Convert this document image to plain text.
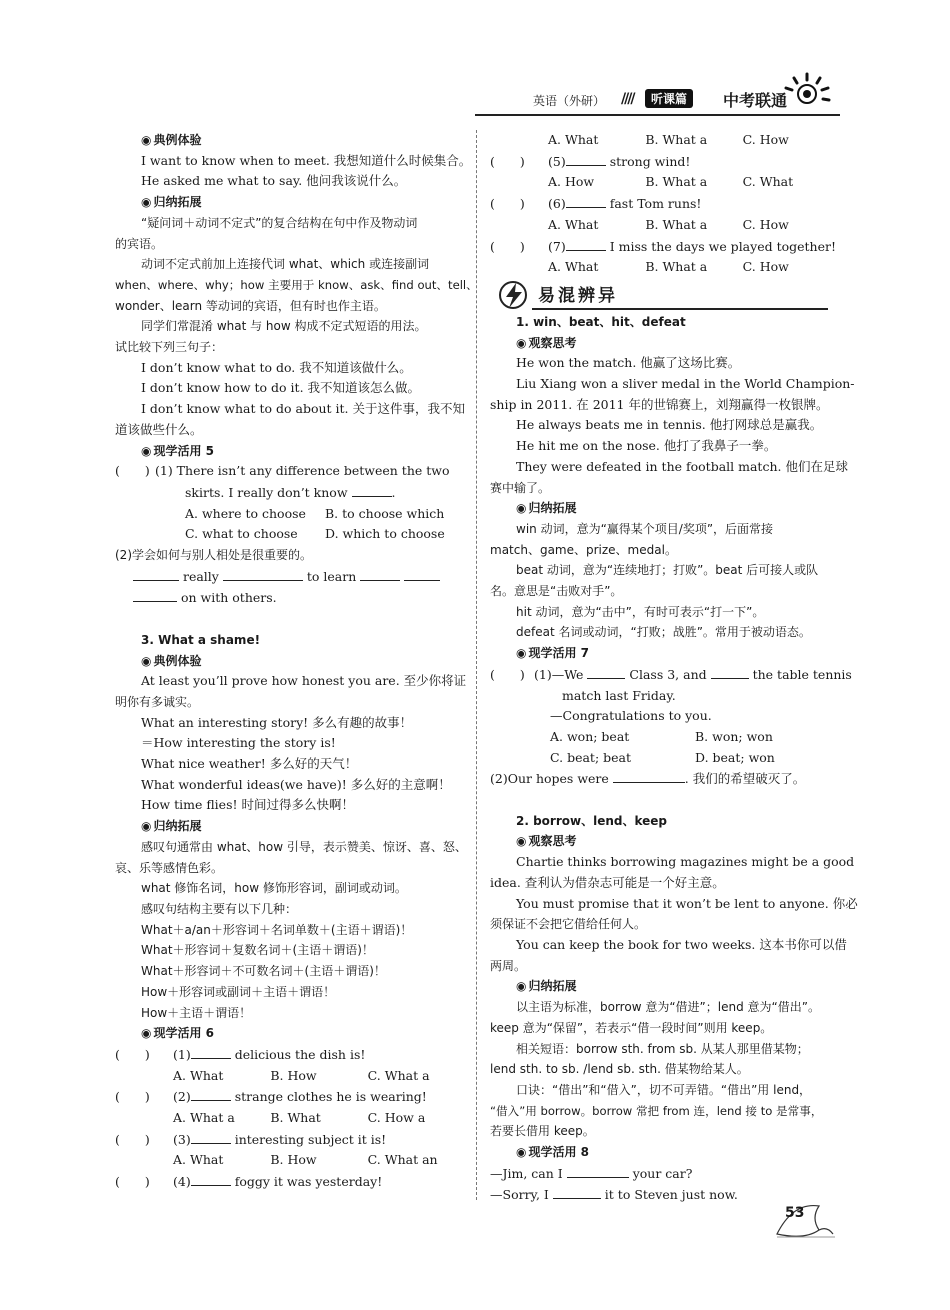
英语（外研） ////	听课篇	中考联通
◉ 典例体验
I want to know when to meet. 我想知道什么时候集合。
He asked me what to say. 他问我该说什么。
◉ 归纳拓展
“疑问词＋动词不定式”的复合结构在句中作及物动词
的宾语。
动词不定式前加上连接代词 what、which 或连接副词
when、where、why；how 主要用于 know、ask、find out、tell、
wonder、learn 等动词的宾语，但有时也作主语。
同学们常混淆 what 与 how 构成不定式短语的用法。
试比较下列三句子：
I don’t know what to do. 我不知道该做什么。
I don’t know how to do it. 我不知道该怎么做。
I don’t know what to do about it. 关于这件事，我不知
道该做些什么。
◉ 现学活用 5
(　　) (1) There isn’t any difference between the two
skirts. I really don’t know	.
A. where to choose	B. to choose which
C. what to choose	D. which to choose
(2)学会如何与别人相处是很重要的。
really	to learn
on with others.
3. What a shame!
◉ 典例体验
At least you’ll prove how honest you are. 至少你将证
明你有多诚实。
What an interesting story! 多么有趣的故事！
＝How interesting the story is!
What nice weather! 多么好的天气！
What wonderful ideas(we have)! 多么好的主意啊！
How time flies! 时间过得多么快啊！
◉ 归纳拓展
感叹句通常由 what、how 引导，表示赞美、惊讶、喜、怒、
哀、乐等感情色彩。
what 修饰名词，how 修饰形容词，副词或动词。
感叹句结构主要有以下几种：
What＋a/an＋形容词＋名词单数＋(主语＋谓语)！
What＋形容词＋复数名词＋(主语＋谓语)！
What＋形容词＋不可数名词＋(主语＋谓语)！
How＋形容词或副词＋主语＋谓语！
How＋主语＋谓语！
◉ 现学活用 6
(　　) (1)	delicious the dish is!
A. What	B. How	C. What a
(　　) (2)	strange clothes he is wearing!
A. What a	B. What	C. How a
(　　) (3)	interesting subject it is!
A. What	B. How	C. What an
(　　) (4)	foggy it was yesterday!
A. What	B. What a	C. How
(　　) (5)	strong wind!
A. How	B. What a	C. What
(　　) (6)	fast Tom runs!
A. What	B. What a	C. How
(　　) (7)	I miss the days we played together!
A. What	B. What a	C. How
易混辨异
1. win、beat、hit、defeat
◉ 观察思考
He won the match. 他赢了这场比赛。
Liu Xiang won a sliver medal in the World Champion-
ship in 2011. 在 2011 年的世锦赛上，刘翔赢得一枚银牌。
He always beats me in tennis. 他打网球总是赢我。
He hit me on the nose. 他打了我鼻子一拳。
They were defeated in the football match. 他们在足球
赛中输了。
◉ 归纳拓展
win 动词，意为“赢得某个项目/奖项”，后面常接
match、game、prize、medal。
beat 动词，意为“连续地打；打败”。beat 后可接人或队
名。意思是“击败对手”。
hit 动词，意为“击中”，有时可表示“打一下”。
defeat 名词或动词，“打败；战胜”。常用于被动语态。
◉ 现学活用 7
(　　) (1)—We	Class 3, and	the table tennis
match last Friday.
—Congratulations to you.
A. won; beat	B. won; won
C. beat; beat	D. beat; won
(2)Our hopes were	. 我们的希望破灭了。
2. borrow、lend、keep
◉ 观察思考
Chartie thinks borrowing magazines might be a good
idea. 查利认为借杂志可能是一个好主意。
You must promise that it won’t be lent to anyone. 你必
须保证不会把它借给任何人。
You can keep the book for two weeks. 这本书你可以借
两周。
◉ 归纳拓展
以主语为标准，borrow 意为“借进”；lend 意为“借出”。
keep 意为“保留”，若表示“借一段时间”则用 keep。
相关短语：borrow sth. from sb. 从某人那里借某物；
lend sth. to sb. /lend sb. sth. 借某物给某人。
口诀：“借出”和“借入”，切不可弄错。“借出”用 lend，
“借入”用 borrow。borrow 常把 from 连，lend 接 to 是常事，
若要长借用 keep。
◉ 现学活用 8
—Jim, can I	your car?
—Sorry, I	it to Steven just now.
53
